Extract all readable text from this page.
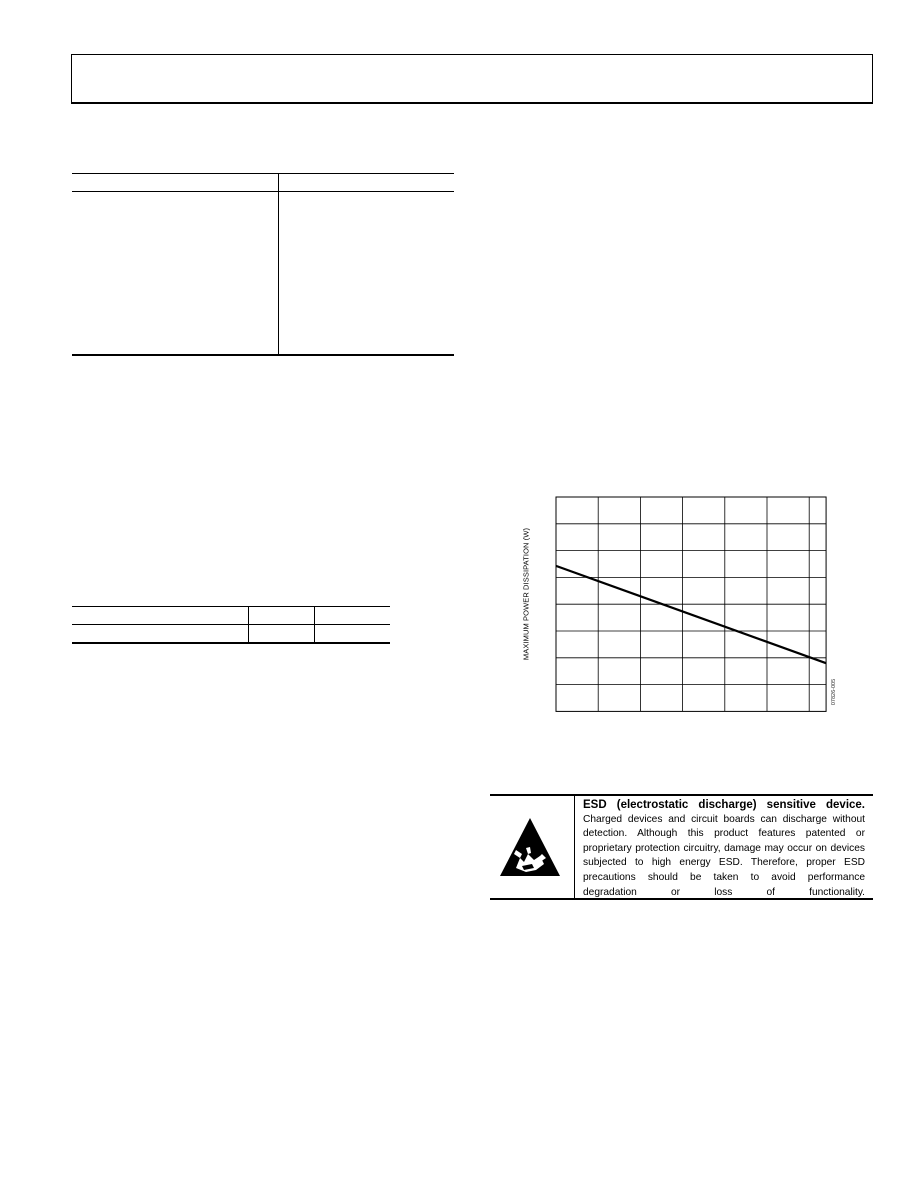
MAXIMUM POWER DISSIPATION (W)
07826-005
ESD (electrostatic discharge) sensitive device.
Charged devices and circuit boards can discharge without detection. Although this product features patented or proprietary protection circuitry, damage may occur on devices subjected to high energy ESD. Therefore, proper ESD precautions should be taken to avoid performance degradation or loss of functionality.
